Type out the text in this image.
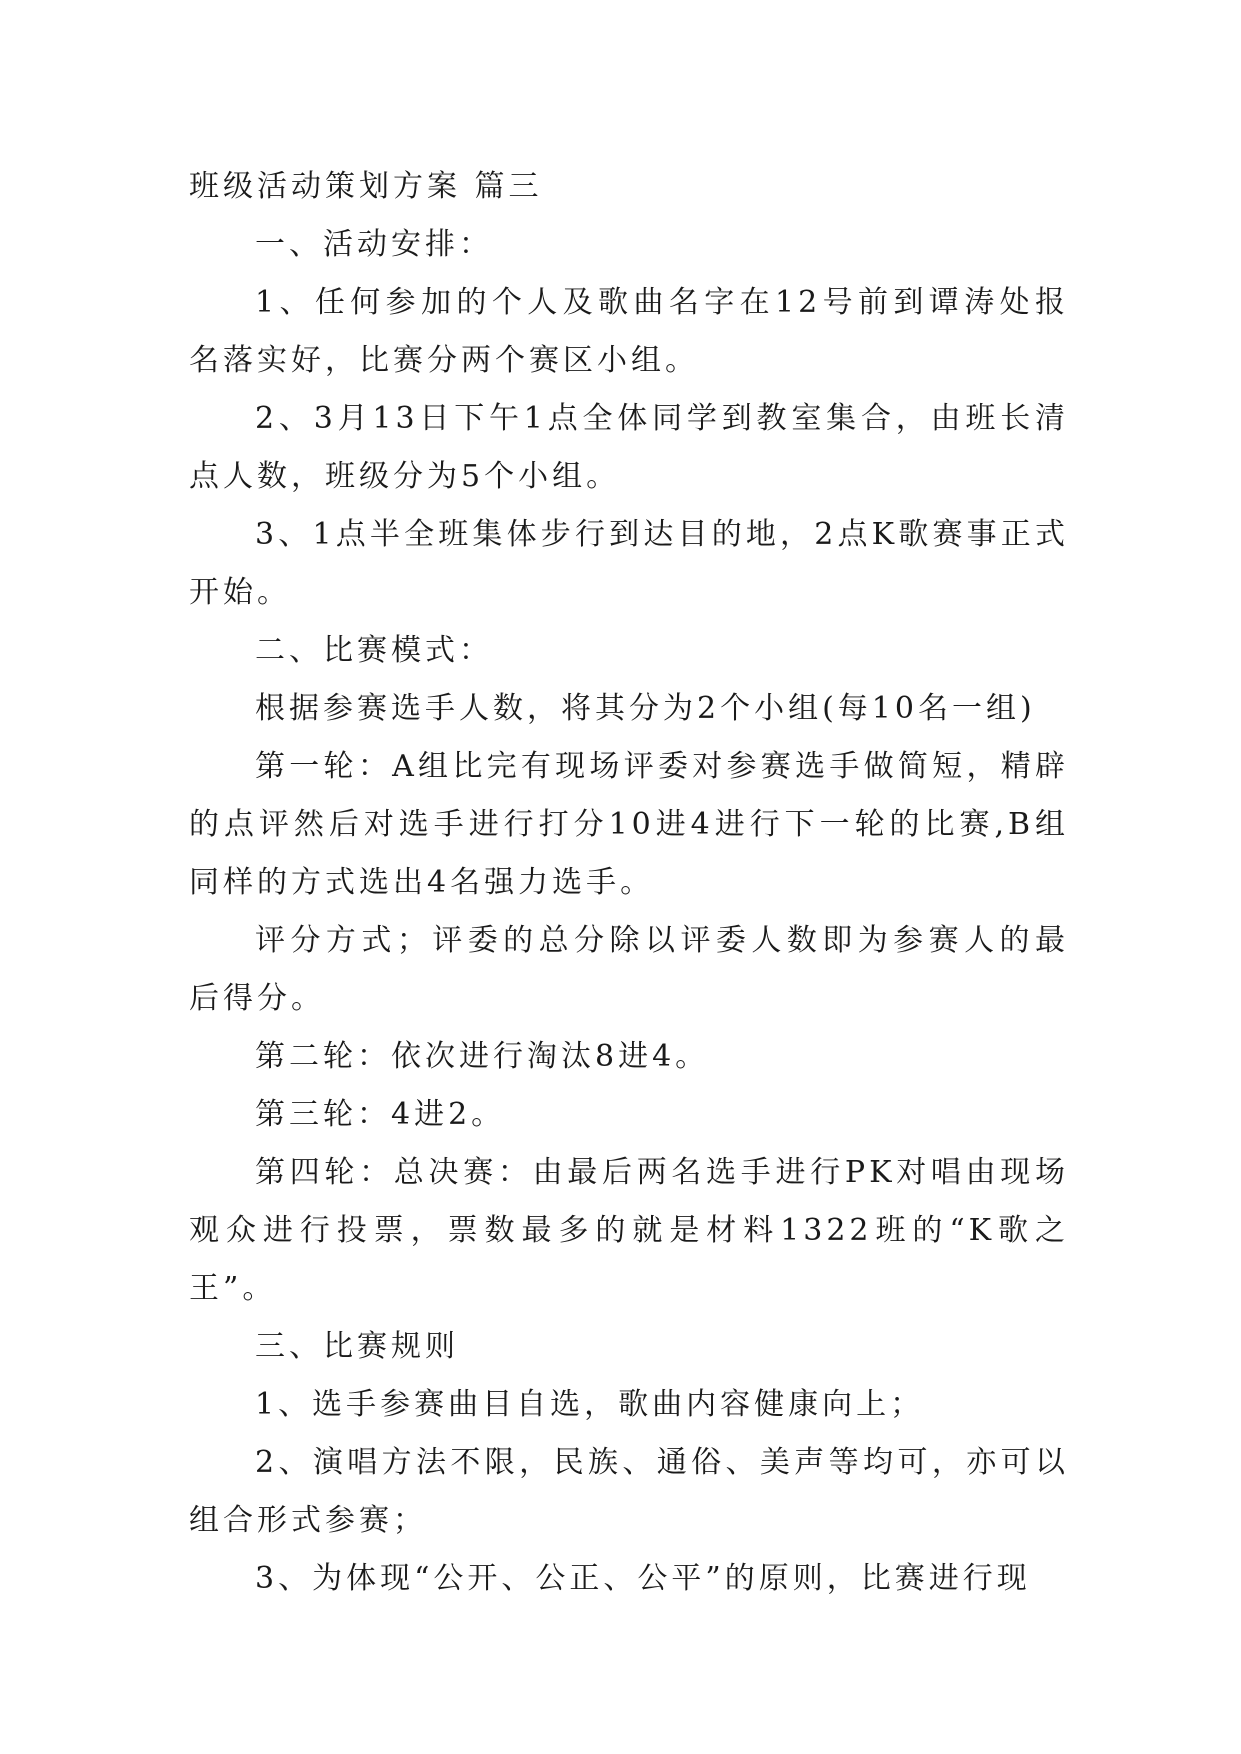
班级活动策划方案 篇三

一、活动安排：

1、任何参加的个人及歌曲名字在12号前到谭涛处报名落实好，比赛分两个赛区小组。

2、3月13日下午1点全体同学到教室集合，由班长清点人数，班级分为5个小组。

3、1点半全班集体步行到达目的地，2点K歌赛事正式开始。

二、比赛模式：

根据参赛选手人数，将其分为2个小组(每10名一组)

第一轮：A组比完有现场评委对参赛选手做简短，精辟的点评然后对选手进行打分10进4进行下一轮的比赛,B组同样的方式选出4名强力选手。

评分方式；评委的总分除以评委人数即为参赛人的最后得分。

第二轮：依次进行淘汰8进4。

第三轮：4进2。

第四轮：总决赛：由最后两名选手进行PK对唱由现场观众进行投票，票数最多的就是材料1322班的“K歌之王”。

三、比赛规则

1、选手参赛曲目自选，歌曲内容健康向上；

2、演唱方法不限，民族、通俗、美声等均可，亦可以组合形式参赛；

3、为体现“公开、公正、公平”的原则，比赛进行现
